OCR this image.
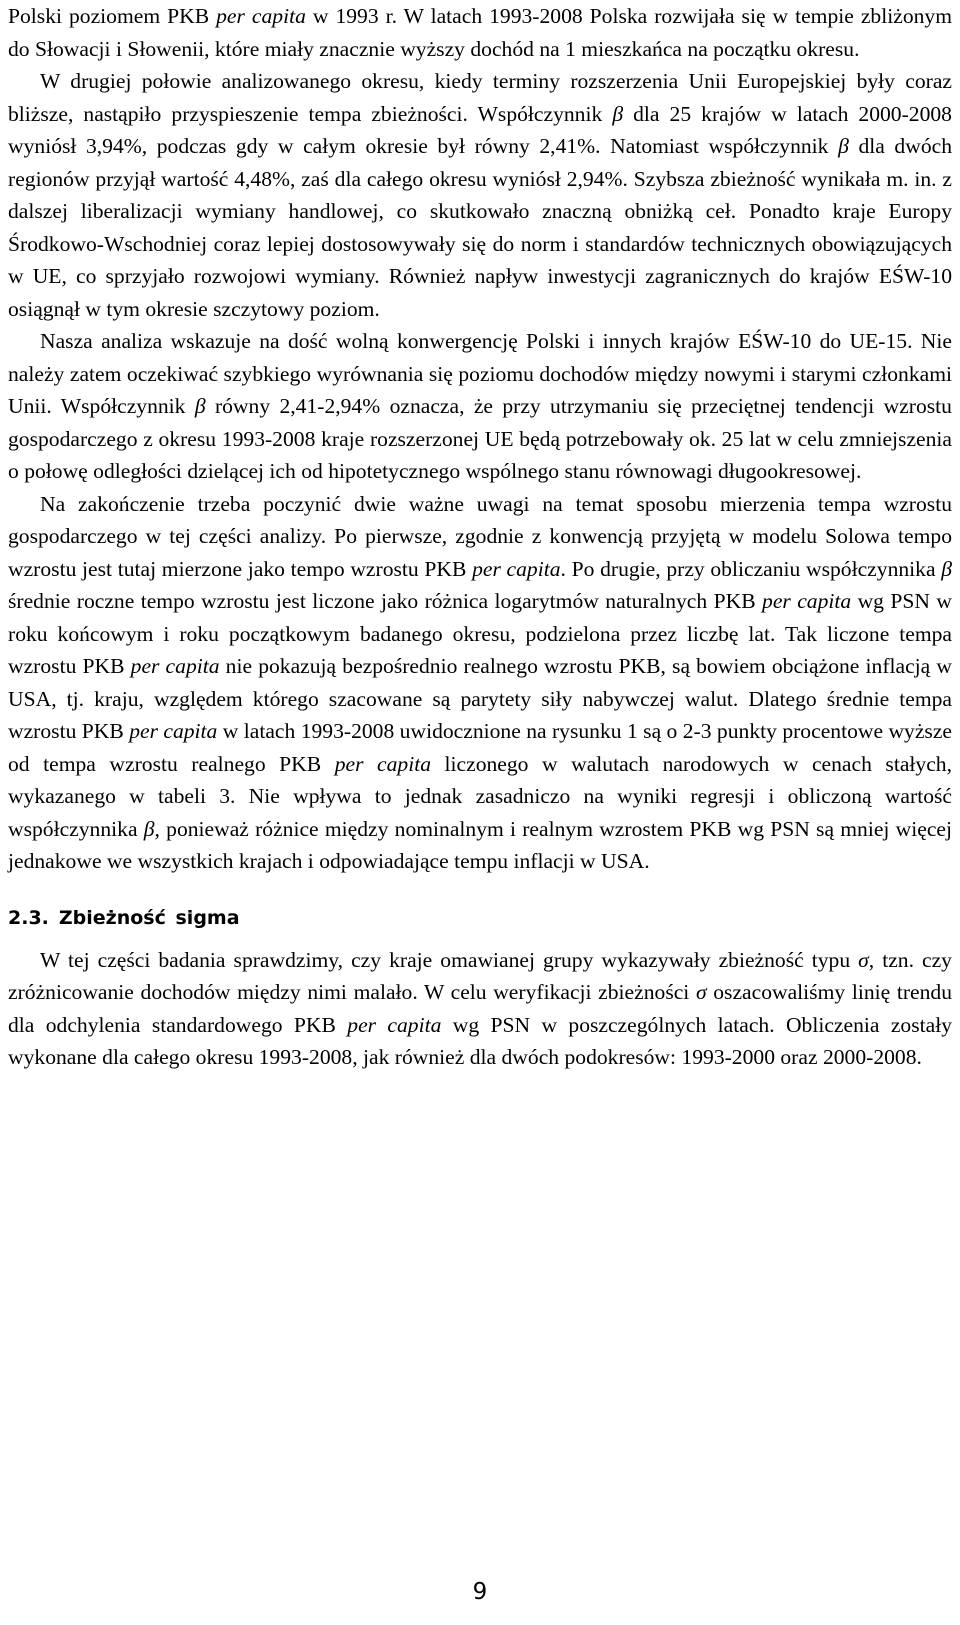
Polski poziomem PKB per capita w 1993 r. W latach 1993-2008 Polska rozwijała się w tempie zbliżonym do Słowacji i Słowenii, które miały znacznie wyższy dochód na 1 mieszkańca na początku okresu.

W drugiej połowie analizowanego okresu, kiedy terminy rozszerzenia Unii Europejskiej były coraz bliższe, nastąpiło przyspieszenie tempa zbieżności. Współczynnik β dla 25 krajów w latach 2000-2008 wyniósł 3,94%, podczas gdy w całym okresie był równy 2,41%. Natomiast współczynnik β dla dwóch regionów przyjął wartość 4,48%, zaś dla całego okresu wyniósł 2,94%. Szybsza zbieżność wynikała m. in. z dalszej liberalizacji wymiany handlowej, co skutkowało znaczną obniżką ceł. Ponadto kraje Europy Środkowo-Wschodniej coraz lepiej dostosowywały się do norm i standardów technicznych obowiązujących w UE, co sprzyjało rozwojowi wymiany. Również napływ inwestycji zagranicznych do krajów EŚW-10 osiągnął w tym okresie szczytowy poziom.

Nasza analiza wskazuje na dość wolną konwergencję Polski i innych krajów EŚW-10 do UE-15. Nie należy zatem oczekiwać szybkiego wyrównania się poziomu dochodów między nowymi i starymi członkami Unii. Współczynnik β równy 2,41-2,94% oznacza, że przy utrzymaniu się przeciętnej tendencji wzrostu gospodarczego z okresu 1993-2008 kraje rozszerzonej UE będą potrzebowały ok. 25 lat w celu zmniejszenia o połowę odległości dzielącej ich od hipotetycznego wspólnego stanu równowagi długookresowej.

Na zakończenie trzeba poczynić dwie ważne uwagi na temat sposobu mierzenia tempa wzrostu gospodarczego w tej części analizy. Po pierwsze, zgodnie z konwencją przyjętą w modelu Solowa tempo wzrostu jest tutaj mierzone jako tempo wzrostu PKB per capita. Po drugie, przy obliczaniu współczynnika β średnie roczne tempo wzrostu jest liczone jako różnica logarytmów naturalnych PKB per capita wg PSN w roku końcowym i roku początkowym badanego okresu, podzielona przez liczbę lat. Tak liczone tempa wzrostu PKB per capita nie pokazują bezpośrednio realnego wzrostu PKB, są bowiem obciążone inflacją w USA, tj. kraju, względem którego szacowane są parytety siły nabywczej walut. Dlatego średnie tempa wzrostu PKB per capita w latach 1993-2008 uwidocznione na rysunku 1 są o 2-3 punkty procentowe wyższe od tempa wzrostu realnego PKB per capita liczonego w walutach narodowych w cenach stałych, wykazanego w tabeli 3. Nie wpływa to jednak zasadniczo na wyniki regresji i obliczoną wartość współczynnika β, ponieważ różnice między nominalnym i realnym wzrostem PKB wg PSN są mniej więcej jednakowe we wszystkich krajach i odpowiadające tempu inflacji w USA.

2.3. Zbieżność sigma

W tej części badania sprawdzimy, czy kraje omawianej grupy wykazywały zbieżność typu σ, tzn. czy zróżnicowanie dochodów między nimi malało. W celu weryfikacji zbieżności σ oszacowaliśmy linię trendu dla odchylenia standardowego PKB per capita wg PSN w poszczególnych latach. Obliczenia zostały wykonane dla całego okresu 1993-2008, jak również dla dwóch podokresów: 1993-2000 oraz 2000-2008.

9
